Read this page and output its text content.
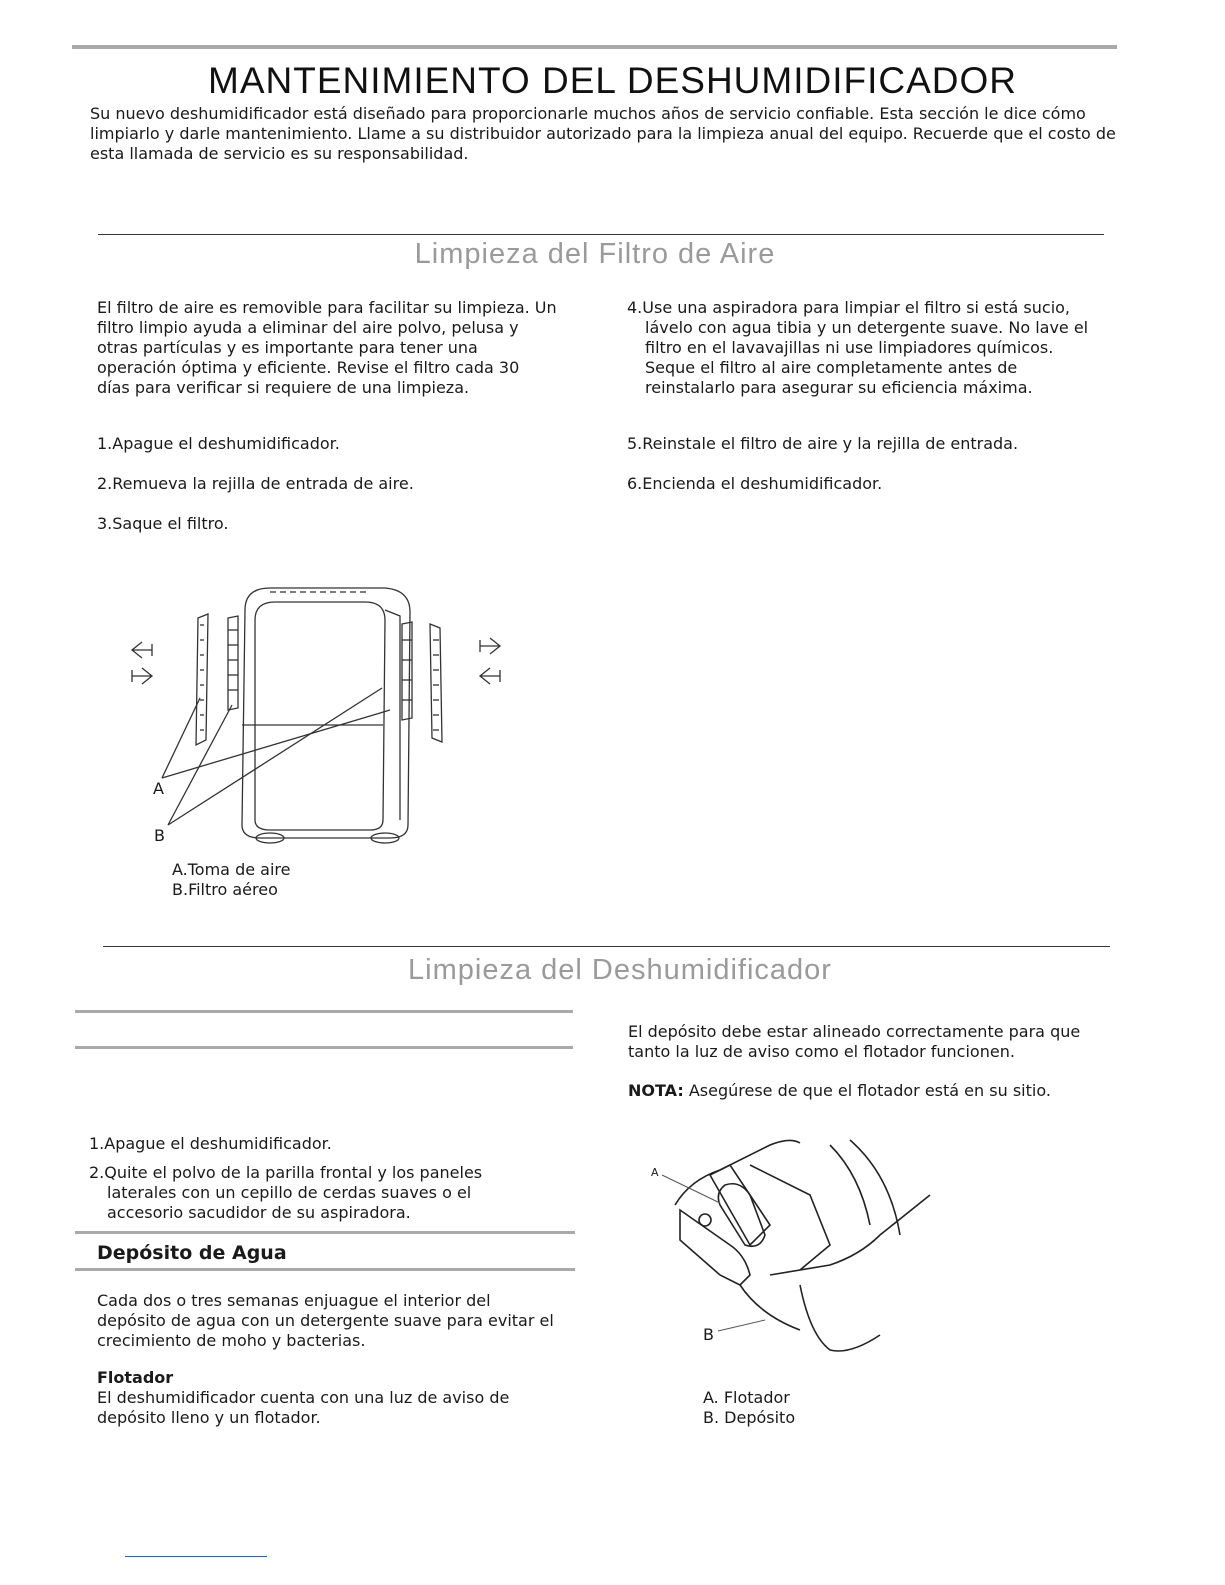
MANTENIMIENTO DEL DESHUMIDIFICADOR
Su nuevo deshumidificador está diseñado para proporcionarle muchos años de servicio confiable. Esta sección le dice cómo limpiarlo y darle mantenimiento. Llame a su distribuidor autorizado para la limpieza anual del equipo. Recuerde que el costo de esta llamada de servicio es su responsabilidad.
Limpieza del Filtro de Aire
El filtro de aire es removible para facilitar su limpieza. Un filtro limpio ayuda a eliminar del aire polvo, pelusa y otras partículas y es importante para tener una operación óptima y eficiente. Revise el filtro cada 30 días para verificar si requiere de una limpieza.
1.Apague el deshumidificador.
2.Remueva la rejilla de entrada de aire.
3.Saque el filtro.
4.Use una aspiradora para limpiar el filtro si está sucio, lávelo con agua tibia y un detergente suave. No lave el filtro en el lavavajillas ni use limpiadores químicos. Seque el filtro al aire completamente antes de reinstalarlo para asegurar su eficiencia máxima.
5.Reinstale el filtro de aire y la rejilla de entrada.
6.Encienda el deshumidificador.
A
B
A.Toma de aire
B.Filtro aéreo
Limpieza del Deshumidificador
1.Apague el deshumidificador.
2.Quite el polvo de la parilla frontal y los paneles laterales con un cepillo de cerdas suaves o el accesorio sacudidor de su aspiradora.
Depósito de Agua
Cada dos o tres semanas enjuague el interior del depósito de agua con un detergente suave para evitar el crecimiento de moho y bacterias.
Flotador
El deshumidificador cuenta con una luz de aviso de depósito lleno y un flotador.
El depósito debe estar alineado correctamente para que tanto la luz de aviso como el flotador funcionen.
NOTA: Asegúrese de que el flotador está en su sitio.
A
B
A. Flotador
B. Depósito
